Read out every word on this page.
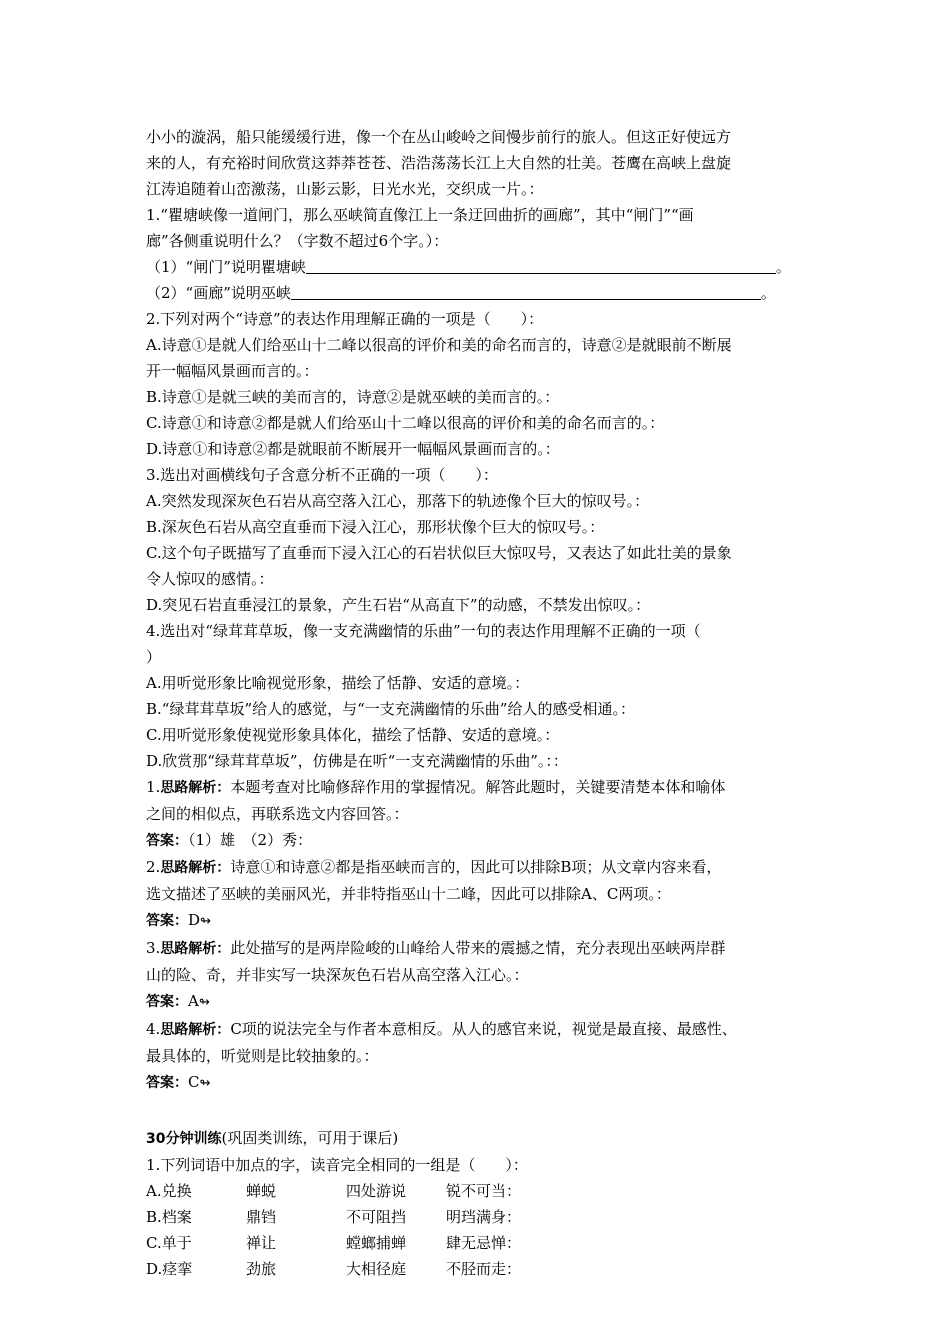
小小的漩涡，船只能缓缓行进，像一个在丛山峻岭之间慢步前行的旅人。但这正好使远方
来的人，有充裕时间欣赏这莽莽苍苍、浩浩荡荡长江上大自然的壮美。苍鹰在高峡上盘旋
江涛追随着山峦激荡，山影云影，日光水光，交织成一片。：
1.“瞿塘峡像一道闸门，那么巫峡简直像江上一条迂回曲折的画廊”，其中“闸门”“画
廊”各侧重说明什么？（字数不超过6个字。）：
（1）“闸门”说明瞿塘峡	。
（2）“画廊”说明巫峡	。
2.下列对两个“诗意”的表达作用理解正确的一项是（　　）：
A.诗意①是就人们给巫山十二峰以很高的评价和美的命名而言的，诗意②是就眼前不断展
开一幅幅风景画而言的。：
B.诗意①是就三峡的美而言的，诗意②是就巫峡的美而言的。：
C.诗意①和诗意②都是就人们给巫山十二峰以很高的评价和美的命名而言的。：
D.诗意①和诗意②都是就眼前不断展开一幅幅风景画而言的。：
3.选出对画横线句子含意分析不正确的一项（　　）：
A.突然发现深灰色石岩从高空落入江心，那落下的轨迹像个巨大的惊叹号。：
B.深灰色石岩从高空直垂而下浸入江心，那形状像个巨大的惊叹号。：
C.这个句子既描写了直垂而下浸入江心的石岩状似巨大惊叹号，又表达了如此壮美的景象
令人惊叹的感情。：
D.突见石岩直垂浸江的景象，产生石岩“从高直下”的动感，不禁发出惊叹。：
4.选出对“绿茸茸草坂，像一支充满幽情的乐曲”一句的表达作用理解不正确的一项（
）
A.用听觉形象比喻视觉形象，描绘了恬静、安适的意境。：
B.“绿茸茸草坂”给人的感觉，与“一支充满幽情的乐曲”给人的感受相通。：
C.用听觉形象使视觉形象具体化，描绘了恬静、安适的意境。：
D.欣赏那“绿茸茸草坂”，仿佛是在听“一支充满幽情的乐曲”。：：
1.思路解析：本题考查对比喻修辞作用的掌握情况。解答此题时，关键要清楚本体和喻体
之间的相似点，再联系选文内容回答。：
答案：（1）雄　（2）秀：
2.思路解析：诗意①和诗意②都是指巫峡而言的，因此可以排除B项；从文章内容来看，
选文描述了巫峡的美丽风光，并非特指巫山十二峰，因此可以排除A、C两项。：
答案：D↬
3.思路解析：此处描写的是两岸险峻的山峰给人带来的震撼之情，充分表现出巫峡两岸群
山的险、奇，并非实写一块深灰色石岩从高空落入江心。：
答案：A↬
4.思路解析：C项的说法完全与作者本意相反。从人的感官来说，视觉是最直接、最感性、
最具体的，听觉则是比较抽象的。：
答案：C↬
30分钟训练(巩固类训练，可用于课后)
1.下列词语中加点的字，读音完全相同的一组是（　　）：
A.兑换	蝉蜕	四处游说	锐不可当：
B.档案	鼎铛	不可阻挡	明珰满身：
C.单于	禅让	螳螂捕蝉	肆无忌惮：
D.痉挛	劲旅	大相径庭	不胫而走：
